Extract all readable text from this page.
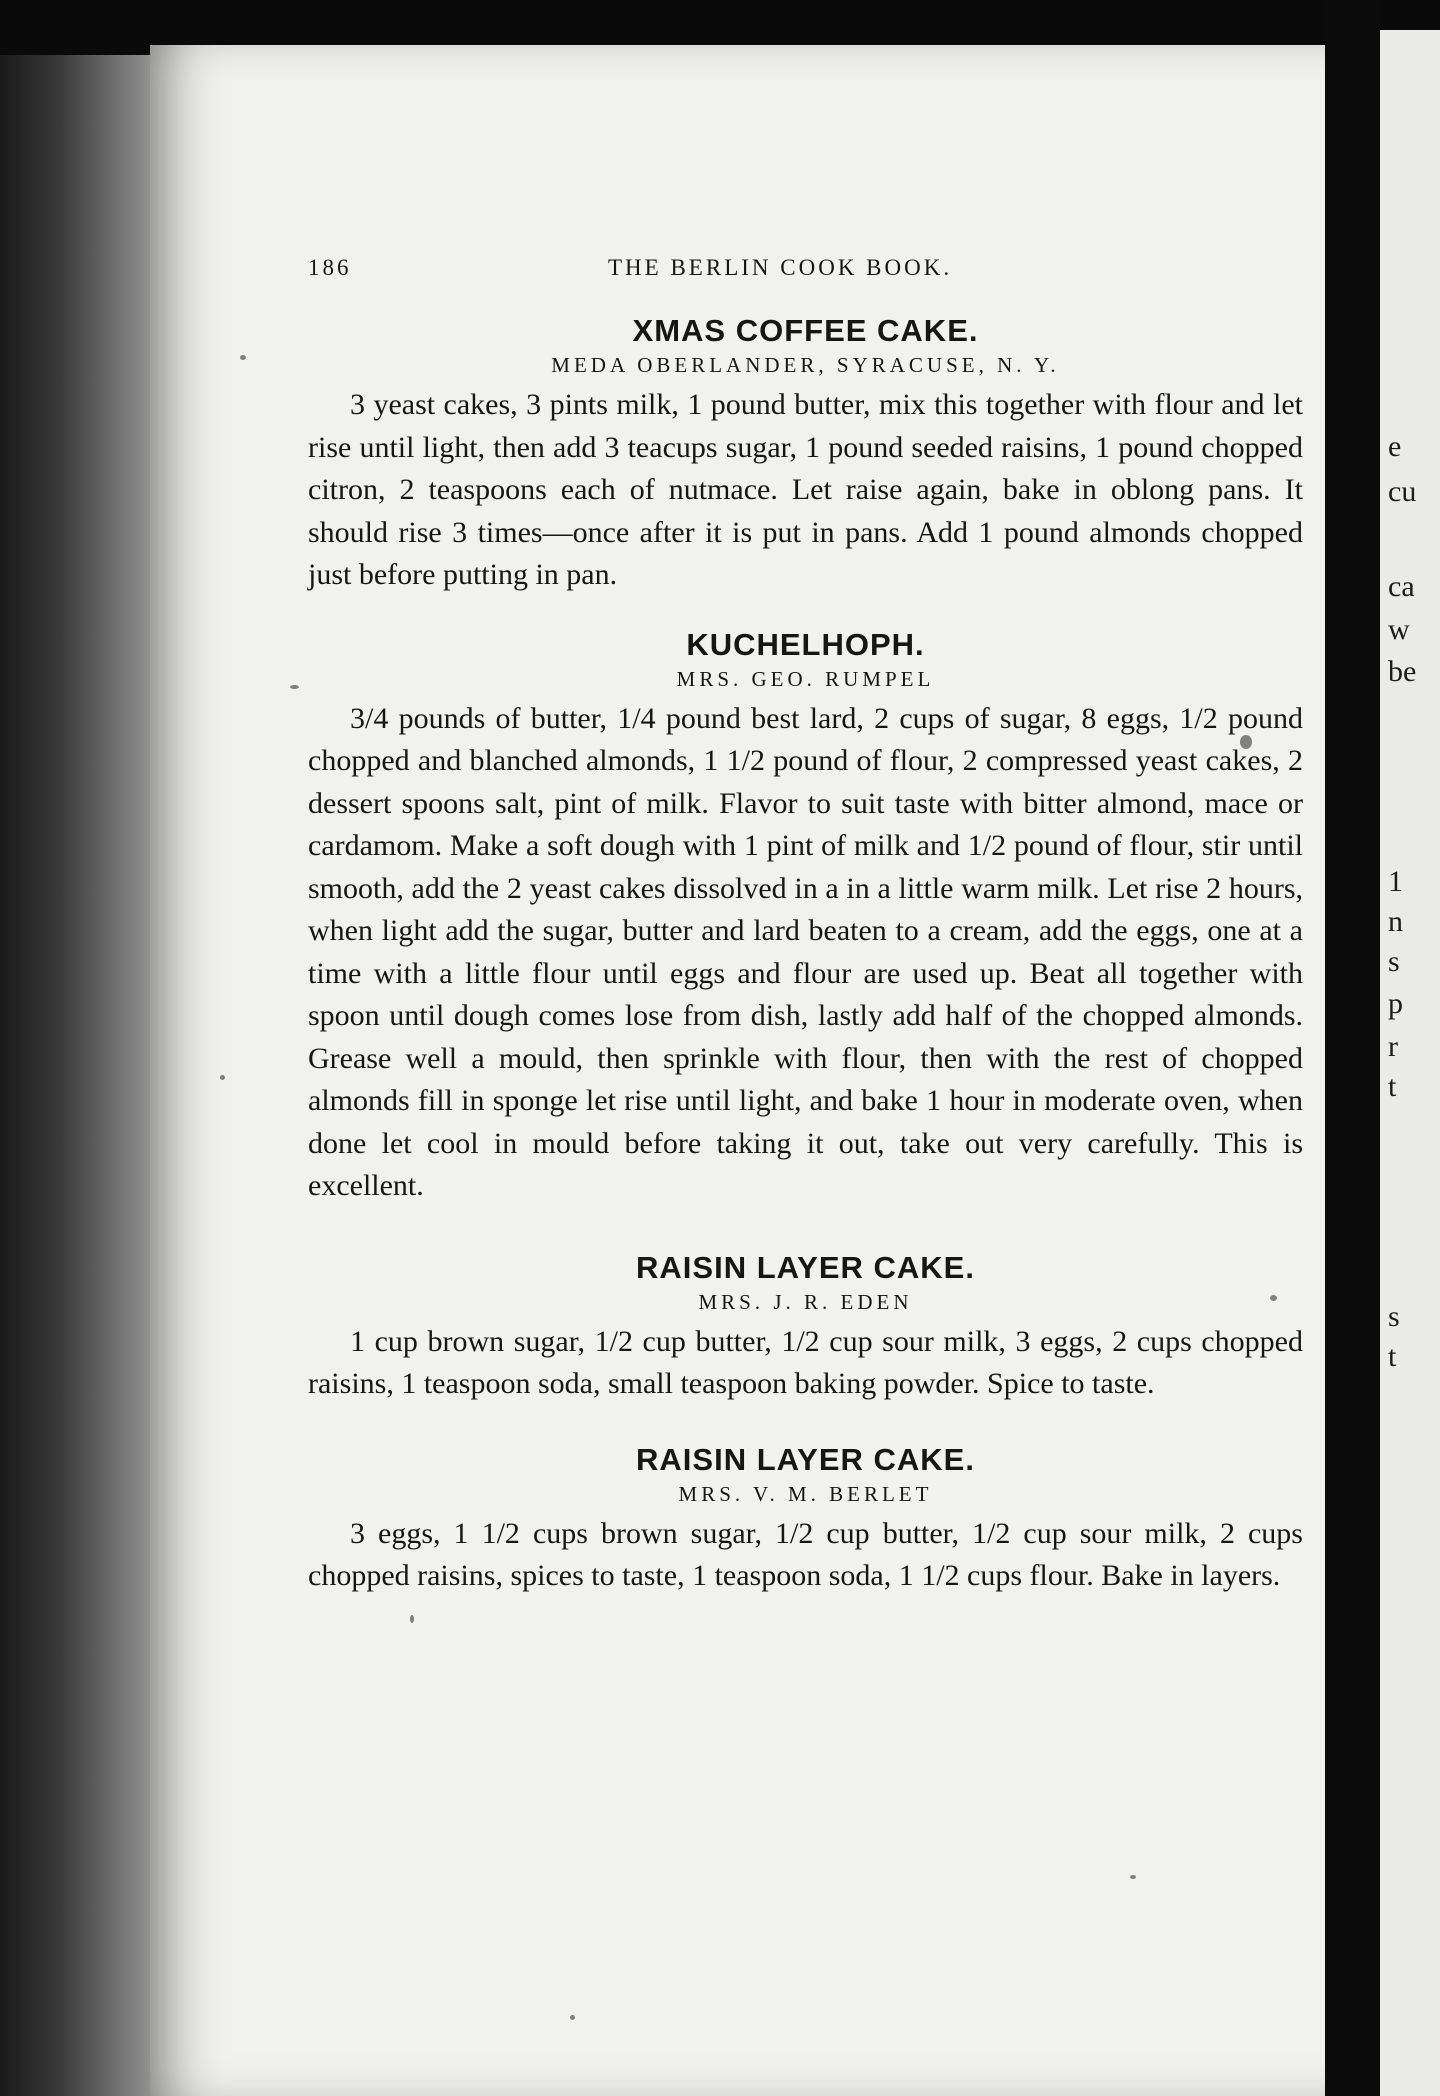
e
cu
ca
w
be
1
n
s
p
r
t
s
t
186	THE BERLIN COOK BOOK.
XMAS COFFEE CAKE.
MEDA OBERLANDER, SYRACUSE, N. Y.

3 yeast cakes, 3 pints milk, 1 pound butter, mix this together with flour and let rise until light, then add 3 teacups sugar, 1 pound seeded raisins, 1 pound chopped citron, 2 teaspoons each of nutmace. Let raise again, bake in oblong pans. It should rise 3 times—once after it is put in pans. Add 1 pound almonds chopped just before putting in pan.

KUCHELHOPH.
MRS. GEO. RUMPEL

3/4 pounds of butter, 1/4 pound best lard, 2 cups of sugar, 8 eggs, 1/2 pound chopped and blanched almonds, 1 1/2 pound of flour, 2 compressed yeast cakes, 2 dessert spoons salt, pint of milk. Flavor to suit taste with bitter almond, mace or cardamom. Make a soft dough with 1 pint of milk and 1/2 pound of flour, stir until smooth, add the 2 yeast cakes dissolved in a in a little warm milk. Let rise 2 hours, when light add the sugar, butter and lard beaten to a cream, add the eggs, one at a time with a little flour until eggs and flour are used up. Beat all together with spoon until dough comes lose from dish, lastly add half of the chopped almonds. Grease well a mould, then sprinkle with flour, then with the rest of chopped almonds fill in sponge let rise until light, and bake 1 hour in moderate oven, when done let cool in mould before taking it out, take out very carefully. This is excellent.

RAISIN LAYER CAKE.
MRS. J. R. EDEN

1 cup brown sugar, 1/2 cup butter, 1/2 cup sour milk, 3 eggs, 2 cups chopped raisins, 1 teaspoon soda, small teaspoon baking powder. Spice to taste.

RAISIN LAYER CAKE.
MRS. V. M. BERLET

3 eggs, 1 1/2 cups brown sugar, 1/2 cup butter, 1/2 cup sour milk, 2 cups chopped raisins, spices to taste, 1 teaspoon soda, 1 1/2 cups flour. Bake in layers.
